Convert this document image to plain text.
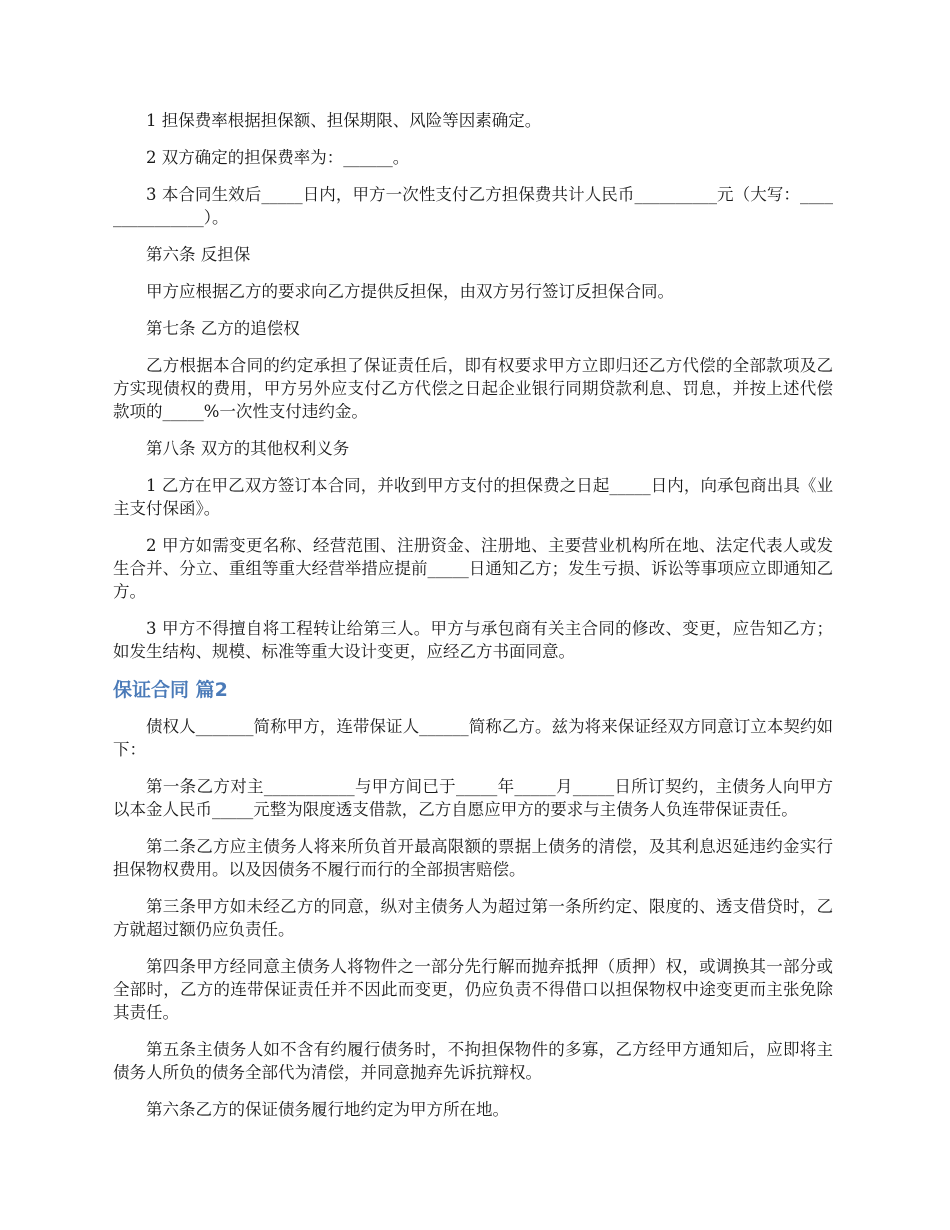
1 担保费率根据担保额、担保期限、风险等因素确定。

2 双方确定的担保费率为：______。

3 本合同生效后_____日内，甲方一次性支付乙方担保费共计人民币__________元（大写：_______________）。

第六条 反担保

甲方应根据乙方的要求向乙方提供反担保，由双方另行签订反担保合同。

第七条 乙方的追偿权

乙方根据本合同的约定承担了保证责任后，即有权要求甲方立即归还乙方代偿的全部款项及乙方实现债权的费用，甲方另外应支付乙方代偿之日起企业银行同期贷款利息、罚息，并按上述代偿款项的_____%一次性支付违约金。

第八条 双方的其他权利义务

1 乙方在甲乙双方签订本合同，并收到甲方支付的担保费之日起_____日内，向承包商出具《业主支付保函》。

2 甲方如需变更名称、经营范围、注册资金、注册地、主要营业机构所在地、法定代表人或发生合并、分立、重组等重大经营举措应提前_____日通知乙方；发生亏损、诉讼等事项应立即通知乙方。

3 甲方不得擅自将工程转让给第三人。甲方与承包商有关主合同的修改、变更，应告知乙方；如发生结构、规模、标准等重大设计变更，应经乙方书面同意。

保证合同 篇2

债权人_______简称甲方，连带保证人______简称乙方。兹为将来保证经双方同意订立本契约如下：

第一条乙方对主___________与甲方间已于_____年_____月_____日所订契约，主债务人向甲方以本金人民币_____元整为限度透支借款，乙方自愿应甲方的要求与主债务人负连带保证责任。

第二条乙方应主债务人将来所负首开最高限额的票据上债务的清偿，及其利息迟延违约金实行担保物权费用。以及因债务不履行而行的全部损害赔偿。

第三条甲方如未经乙方的同意，纵对主债务人为超过第一条所约定、限度的、透支借贷时，乙方就超过额仍应负责任。

第四条甲方经同意主债务人将物件之一部分先行解而抛弃抵押（质押）权，或调换其一部分或全部时，乙方的连带保证责任并不因此而变更，仍应负责不得借口以担保物权中途变更而主张免除其责任。

第五条主债务人如不含有约履行债务时，不拘担保物件的多寡，乙方经甲方通知后，应即将主债务人所负的债务全部代为清偿，并同意抛弃先诉抗辩权。

第六条乙方的保证债务履行地约定为甲方所在地。
